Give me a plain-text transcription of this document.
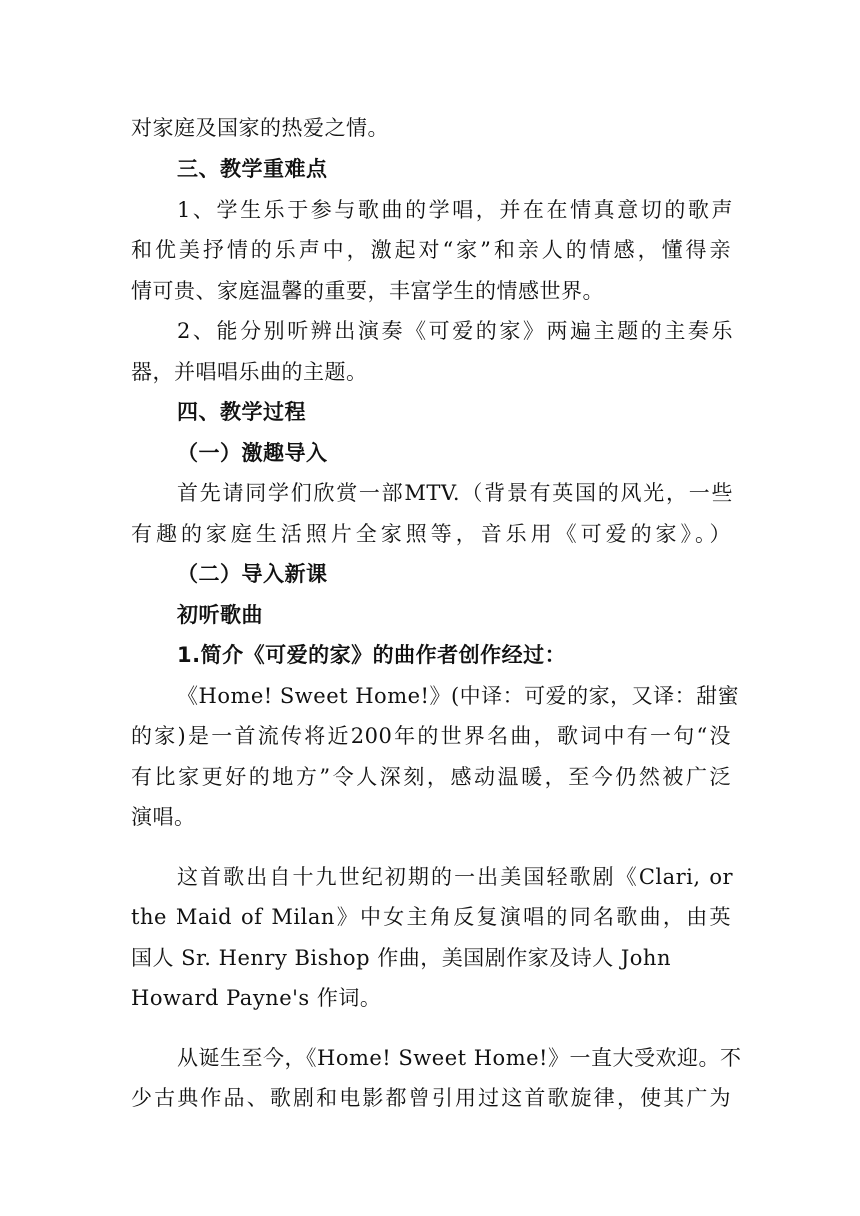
对家庭及国家的热爱之情。
三、教学重难点
1、学生乐于参与歌曲的学唱，并在在情真意切的歌声
和优美抒情的乐声中，激起对“家”和亲人的情感，懂得亲
情可贵、家庭温馨的重要，丰富学生的情感世界。
2、能分别听辨出演奏《可爱的家》两遍主题的主奏乐
器，并唱唱乐曲的主题。
四、教学过程
（一）激趣导入
首先请同学们欣赏一部MTV.（背景有英国的风光，一些
有趣的家庭生活照片全家照等，音乐用《可爱的家》。）
（二）导入新课
初听歌曲
1.简介《可爱的家》的曲作者创作经过：
《Home! Sweet Home!》(中译：可爱的家，又译：甜蜜
的家)是一首流传将近200年的世界名曲，歌词中有一句“没
有比家更好的地方”令人深刻，感动温暖，至今仍然被广泛
演唱。
这首歌出自十九世纪初期的一出美国轻歌剧《Clari, or
the Maid of Milan》中女主角反复演唱的同名歌曲，由英
国人 Sr. Henry Bishop 作曲，美国剧作家及诗人 John
Howard Payne's 作词。
从诞生至今，《Home! Sweet Home!》一直大受欢迎。不
少古典作品、歌剧和电影都曾引用过这首歌旋律，使其广为
